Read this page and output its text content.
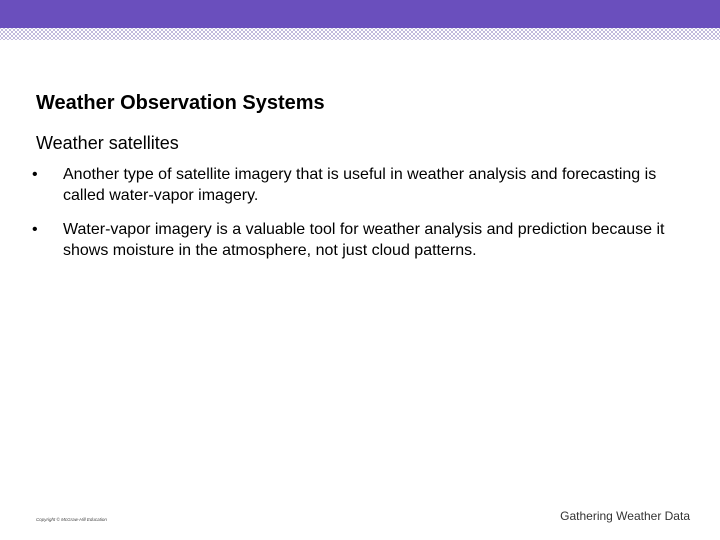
Weather Observation Systems
Weather satellites
•	Another type of satellite imagery that is useful in weather analysis and forecasting is called water-vapor imagery.
•	Water-vapor imagery is a valuable tool for weather analysis and prediction because it shows moisture in the atmosphere, not just cloud patterns.
Copyright © McGraw-Hill Education	Gathering Weather Data
